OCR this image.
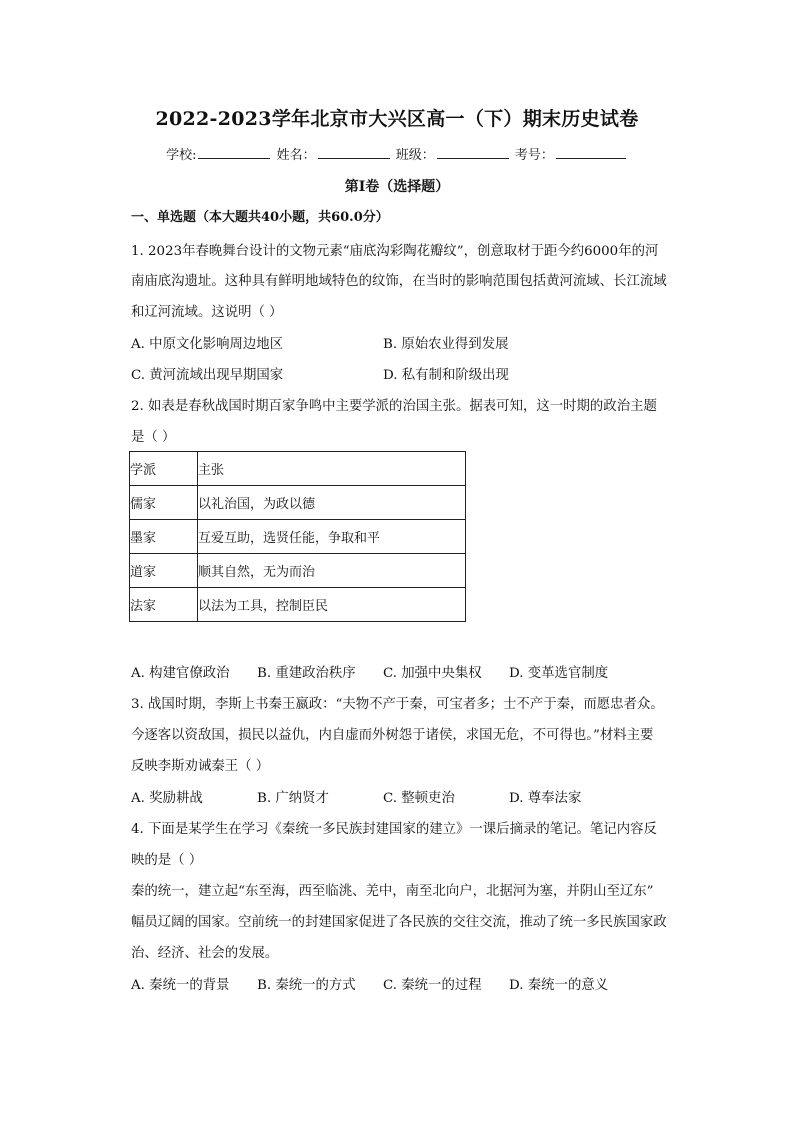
2022-2023学年北京市大兴区高一（下）期末历史试卷
学校:	姓名：	班级：	考号：
第I卷（选择题）
一、单选题（本大题共40小题，共60.0分）
1. 2023年春晚舞台设计的文物元素“庙底沟彩陶花瓣纹”，创意取材于距今约6000年的河
南庙底沟遗址。这种具有鲜明地域特色的纹饰，在当时的影响范围包括黄河流域、长江流域
和辽河流域。这说明（ ）
A. 中原文化影响周边地区	B. 原始农业得到发展
C. 黄河流域出现早期国家	D. 私有制和阶级出现
2. 如表是春秋战国时期百家争鸣中主要学派的治国主张。据表可知，这一时期的政治主题
是（ ）
学派	主张
儒家	以礼治国，为政以德
墨家	互爱互助，选贤任能，争取和平
道家	顺其自然，无为而治
法家	以法为工具，控制臣民
A. 构建官僚政治 B. 重建政治秩序 C. 加强中央集权 D. 变革选官制度
3. 战国时期，李斯上书秦王嬴政：“夫物不产于秦，可宝者多；士不产于秦，而愿忠者众。
今逐客以资敌国，损民以益仇，内自虚而外树怨于诸侯，求国无危，不可得也。”材料主要
反映李斯劝诫秦王（ ）
A. 奖励耕战	B. 广纳贤才	C. 整顿吏治	D. 尊奉法家
4. 下面是某学生在学习《秦统一多民族封建国家的建立》一课后摘录的笔记。笔记内容反
映的是（ ）
秦的统一，建立起“东至海，西至临洮、羌中，南至北向户，北据河为塞，并阴山至辽东”
幅员辽阔的国家。空前统一的封建国家促进了各民族的交往交流，推动了统一多民族国家政
治、经济、社会的发展。
A. 秦统一的背景 B. 秦统一的方式 C. 秦统一的过程 D. 秦统一的意义
